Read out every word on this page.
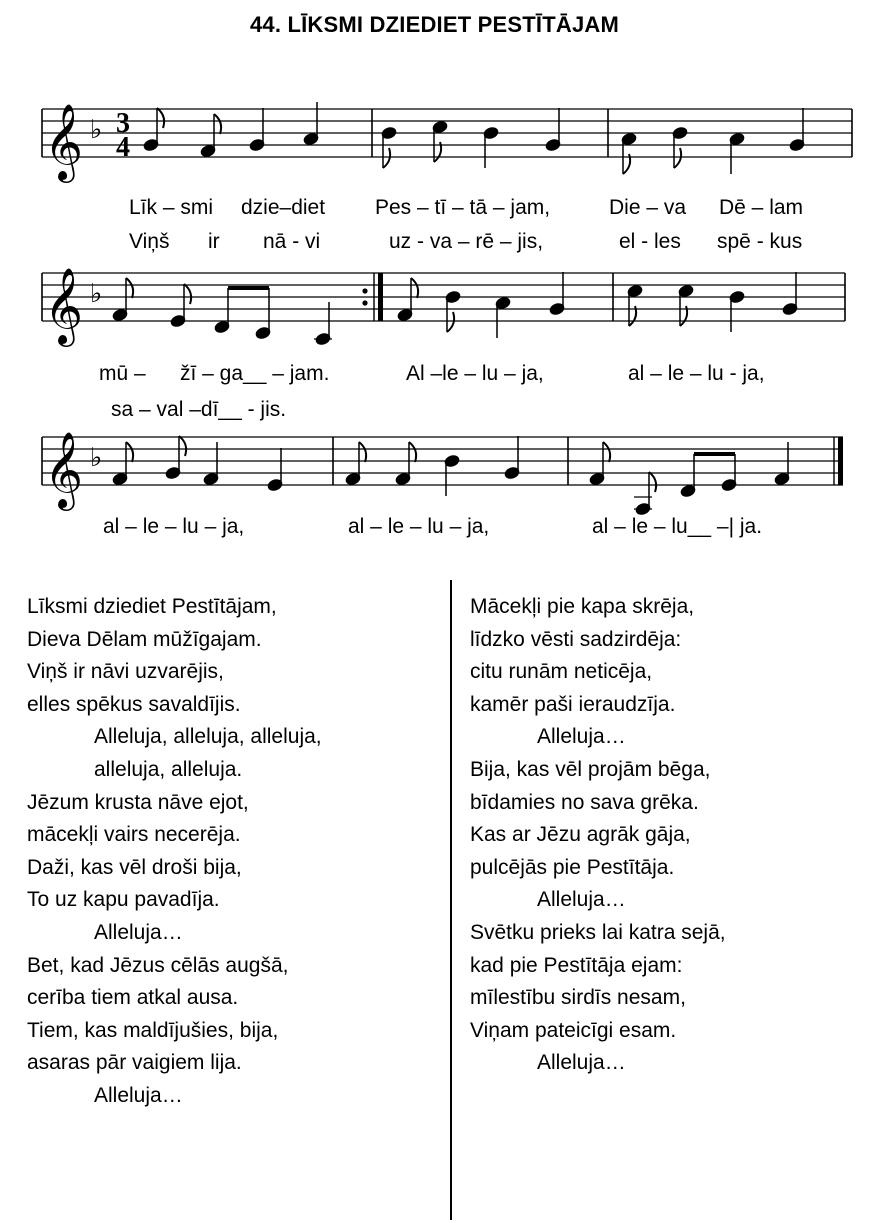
44. LĪKSMI DZIEDIET PESTĪTĀJAM
𝄞 ♭ 3
4
𝄞 ♭
𝄞 ♭
Līk – smi dzie–diet Pes – tī – tā – jam,	Die – va Dē – lam
Viņš ir nā - vi	uz - va – rē – jis,	el - les spē - kus
mū – žī – ga__ – jam.	Al –le – lu – ja,	al – le – lu - ja,
sa – val –dī__ - jis.
al – le – lu – ja,	al – le – lu – ja,	al – le – lu__ –| ja.
Līksmi dziediet Pestītājam,
Dieva Dēlam mūžīgajam.
Viņš ir nāvi uzvarējis,
elles spēkus savaldījis.
Alleluja, alleluja, alleluja,
alleluja, alleluja.
Jēzum krusta nāve ejot,
mācekļi vairs necerēja.
Daži, kas vēl droši bija,
To uz kapu pavadīja.
Alleluja…
Bet, kad Jēzus cēlās augšā,
cerība tiem atkal ausa.
Tiem, kas maldījušies, bija,
asaras pār vaigiem lija.
Alleluja…
Mācekļi pie kapa skrēja,
līdzko vēsti sadzirdēja:
citu runām neticēja,
kamēr paši ieraudzīja.
Alleluja…
Bija, kas vēl projām bēga,
bīdamies no sava grēka.
Kas ar Jēzu agrāk gāja,
pulcējās pie Pestītāja.
Alleluja…
Svētku prieks lai katra sejā,
kad pie Pestītāja ejam:
mīlestību sirdīs nesam,
Viņam pateicīgi esam.
Alleluja…
